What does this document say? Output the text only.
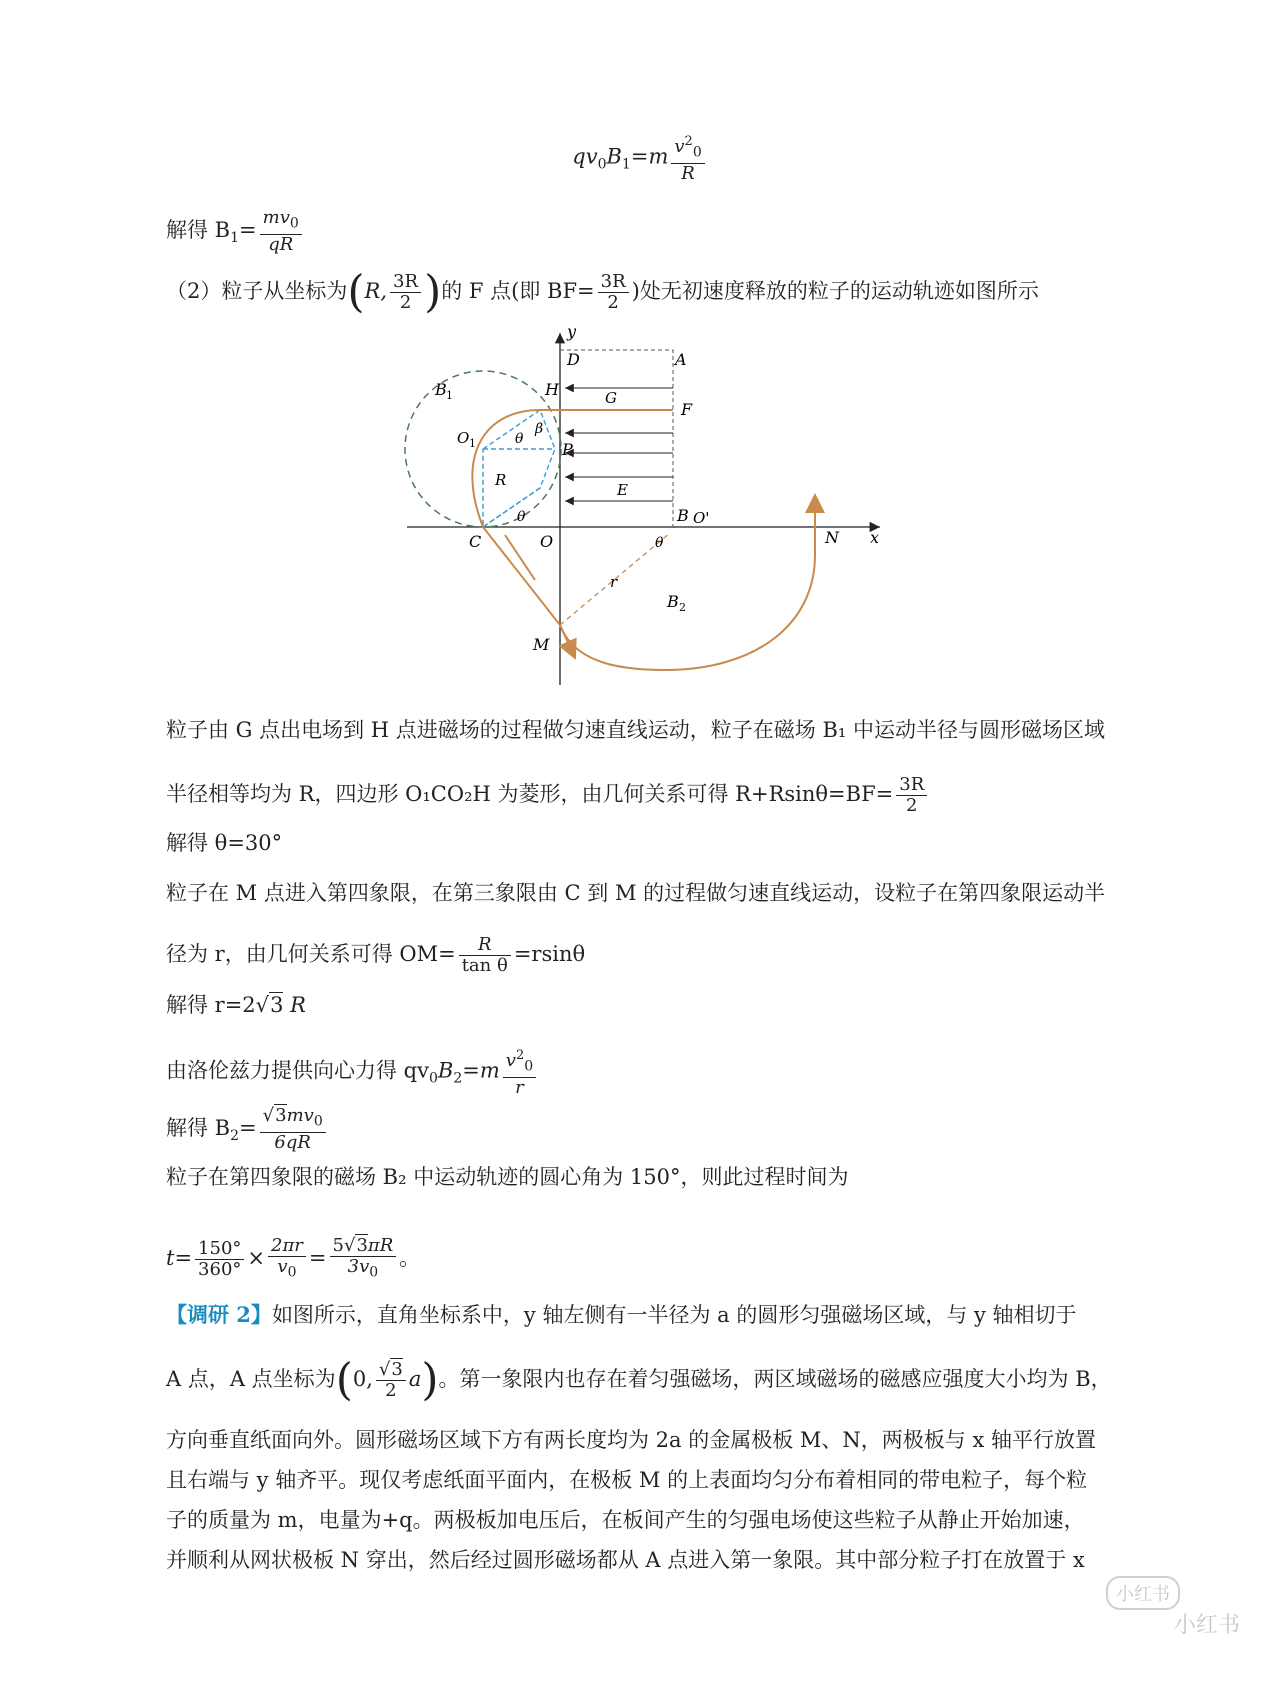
$qv_0B_1=m \frac{v^2_0}{R}$
解得 $B_1= \frac{mv_0}{qR}$
（2）粒子从坐标为(R, $\frac{3R}{2}$ )的 F 点(即 $BF= \frac{3R}{2}$ )处无初速度释放的粒子的运动轨迹如图所示
y
D	A
B 1	H	G
F
O 1	θ
β
P
R
E
θ	B O'
C	O	θ	N x
r
B 2
M
粒子由 G 点出电场到 H 点进磁场的过程做匀速直线运动，粒子在磁场 B₁ 中运动半径与圆形磁场区域
半径相等均为 R，四边形 O₁CO₂H 为菱形，由几何关系可得 $R+Rsin\theta=BF= \frac{3R}{2}$
解得 θ=30°
粒子在 M 点进入第四象限，在第三象限由 C 到 M 的过程做匀速直线运动，设粒子在第四象限运动半
径为 r，由几何关系可得 $OM= \frac{R}{\text{tan θ}} =rsin\theta$
解得 r=2√3 R
由洛伦兹力提供向心力得 $qv_0B_2=m \frac{v^2_0}{r}$
解得 $B_2= \frac{√3mv_0}{6qR}$
粒子在第四象限的磁场 B₂ 中运动轨迹的圆心角为 150°，则此过程时间为
$t= \frac{150^\circ}{360^\circ} \times \frac{2\pi r}{v_0} = \frac{5√3\pi R}{3v_0}$ 。
【调研 2】如图所示，直角坐标系中，y 轴左侧有一半径为 a 的圆形匀强磁场区域，与 y 轴相切于
A 点，A 点坐标为(0, $\frac{√3}{2} a$)。第一象限内也存在着匀强磁场，两区域磁场的磁感应强度大小均为 B，
方向垂直纸面向外。圆形磁场区域下方有两长度均为 2a 的金属极板 M、N，两极板与 x 轴平行放置
且右端与 y 轴齐平。现仅考虑纸面平面内，在极板 M 的上表面均匀分布着相同的带电粒子，每个粒
子的质量为 m，电量为+q。两极板加电压后，在板间产生的匀强电场使这些粒子从静止开始加速，
并顺利从网状极板 N 穿出，然后经过圆形磁场都从 A 点进入第一象限。其中部分粒子打在放置于 x
小红书
小红书
